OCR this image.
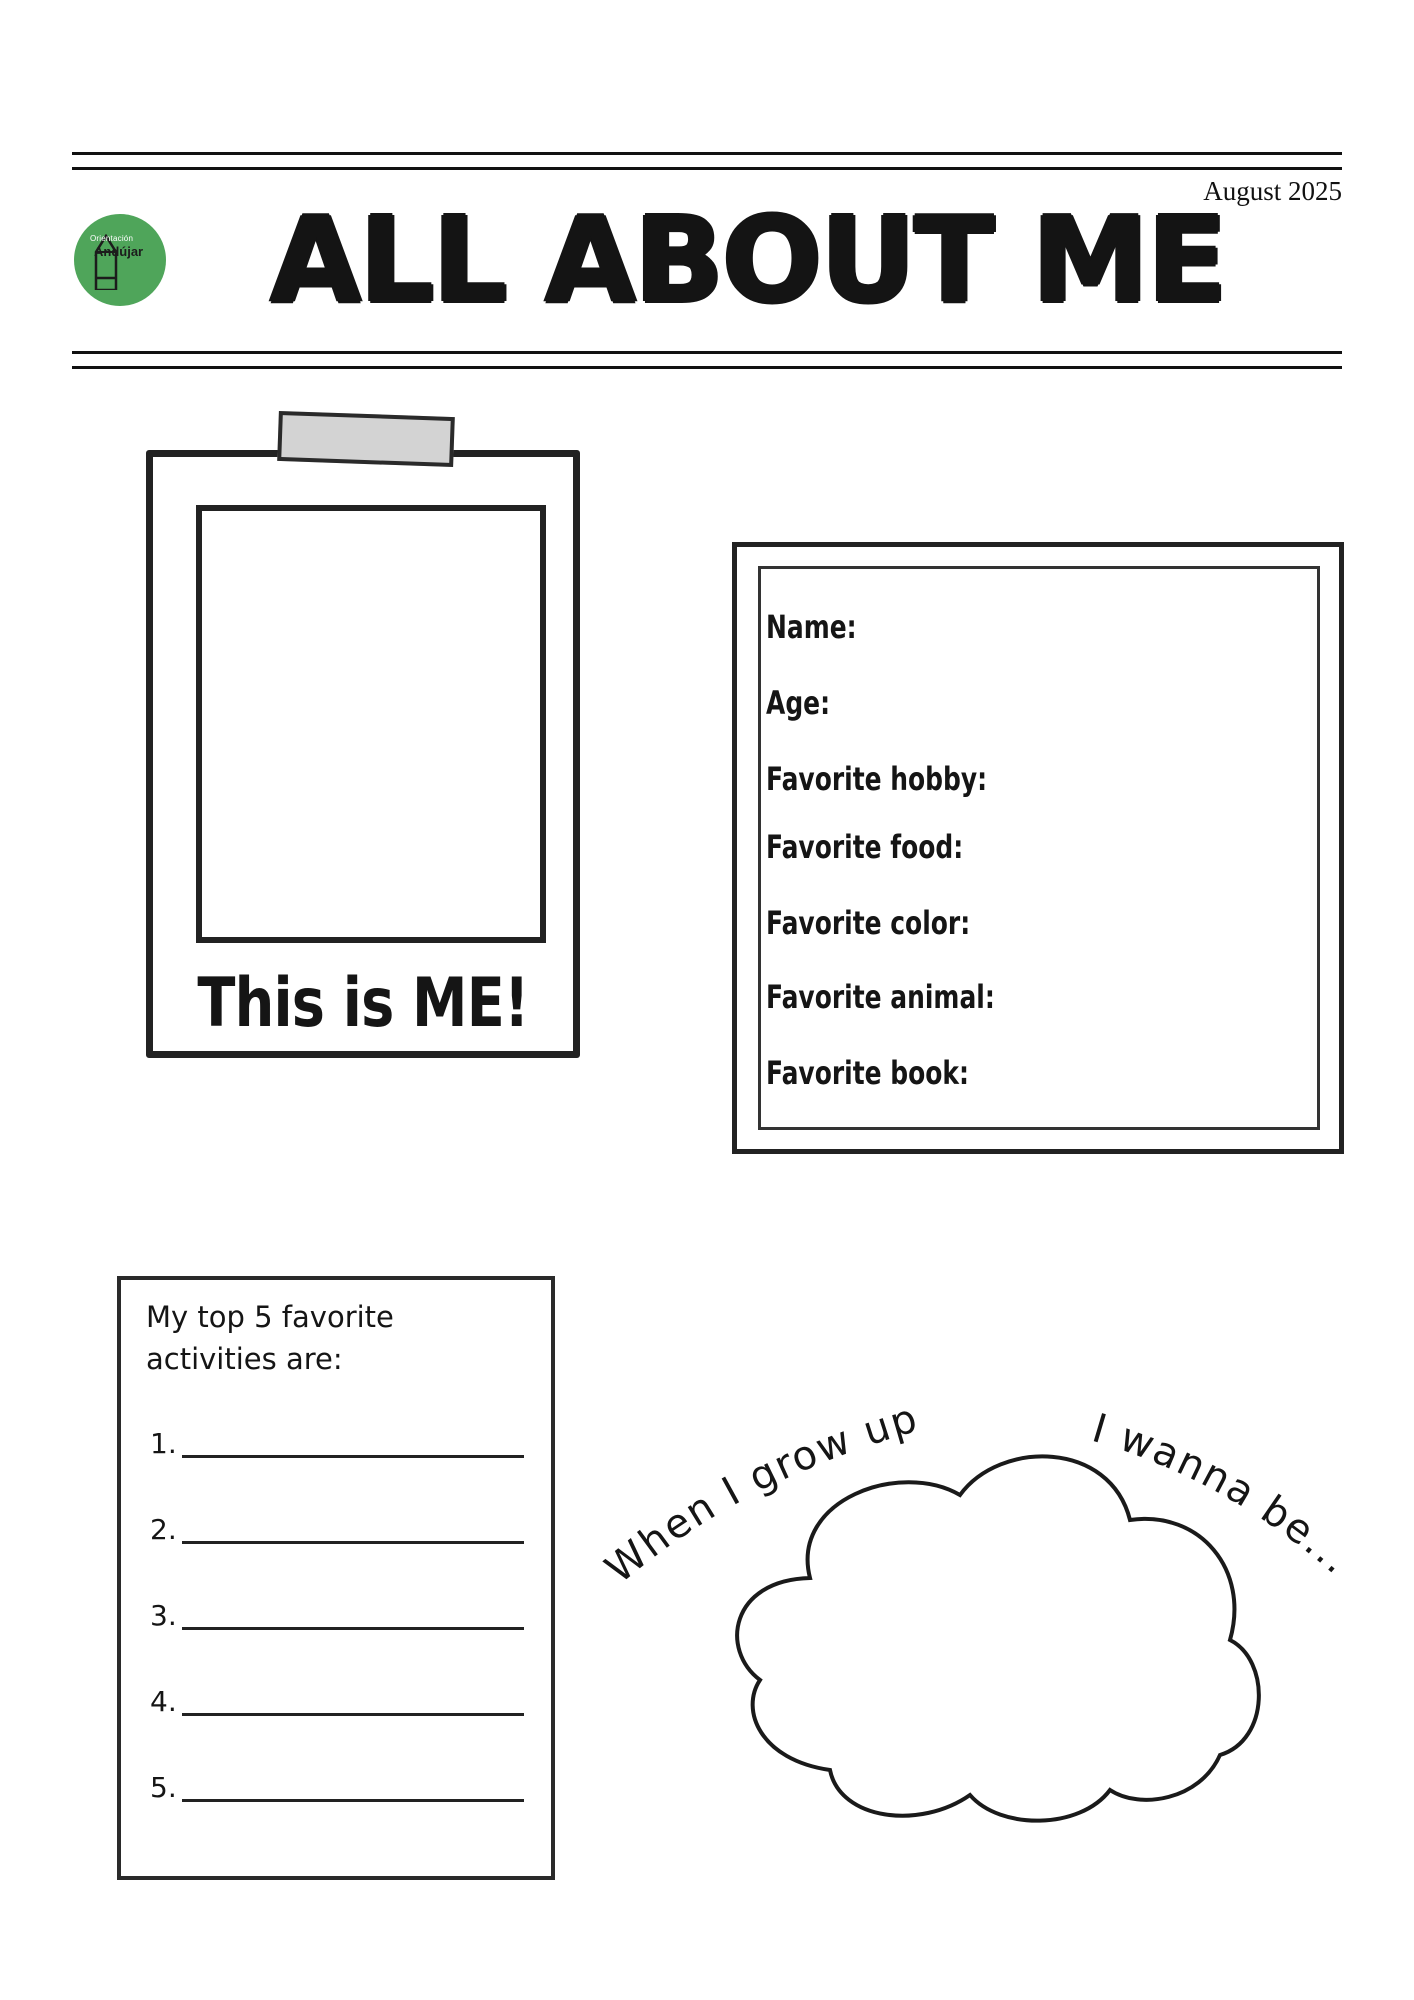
August 2025
Orientación
Andújar ALL ABOUT ME
This is ME!
Name:
Age:
Favorite hobby:
Favorite food:
Favorite color:
Favorite animal:
Favorite book:
My top 5 favorite
activities are:
1.
2.
3.
4.
5.
When I grow up	I wanna be...
